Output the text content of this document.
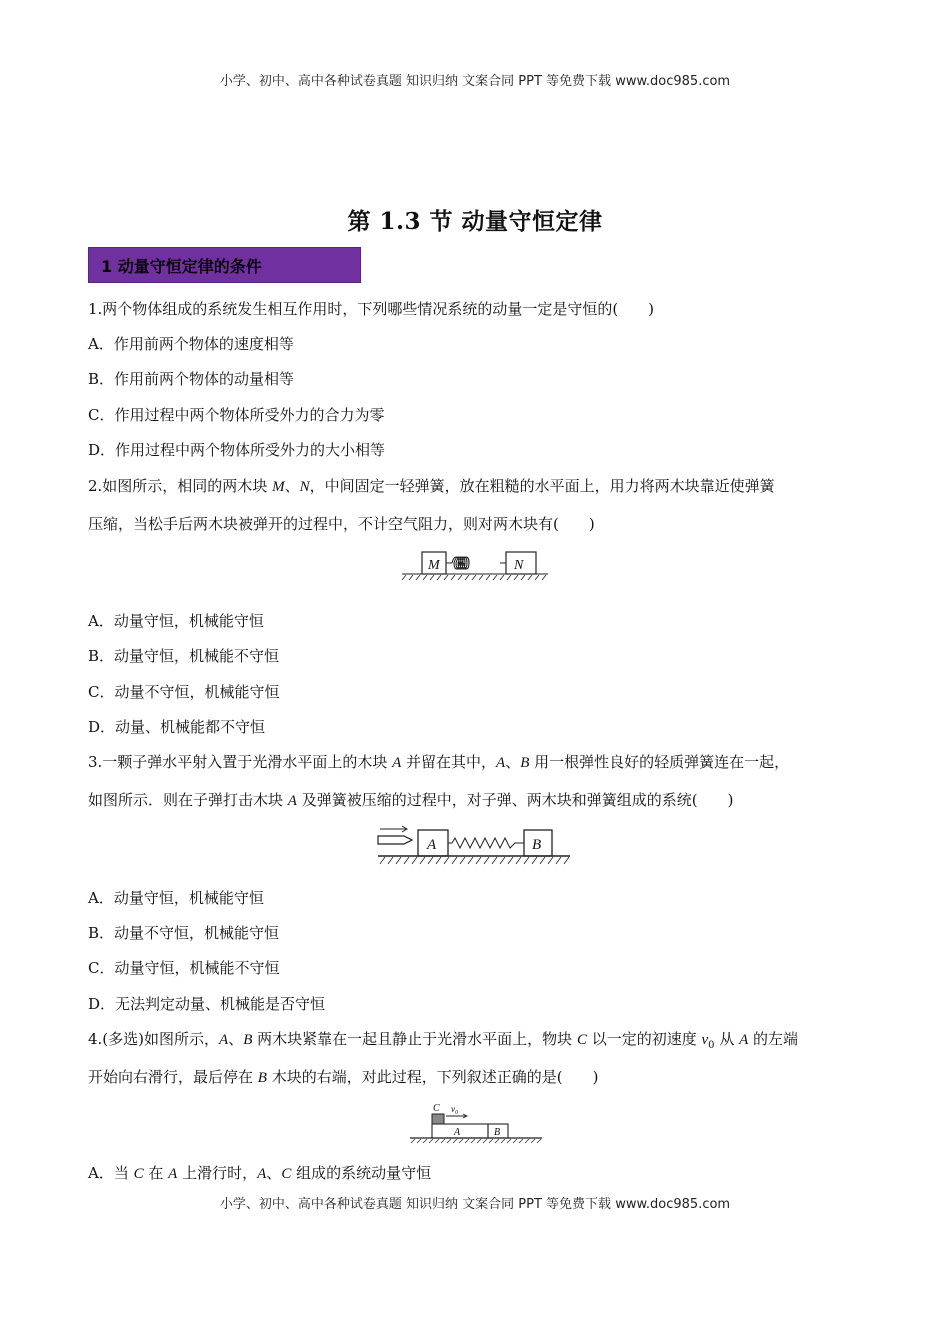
小学、初中、高中各种试卷真题 知识归纳 文案合同 PPT 等免费下载 www.doc985.com
第 1.3 节 动量守恒定律
1 动量守恒定律的条件
1.两个物体组成的系统发生相互作用时，下列哪些情况系统的动量一定是守恒的(　　)
A．作用前两个物体的速度相等
B．作用前两个物体的动量相等
C．作用过程中两个物体所受外力的合力为零
D．作用过程中两个物体所受外力的大小相等
2.如图所示，相同的两木块 M、N，中间固定一轻弹簧，放在粗糙的水平面上，用力将两木块靠近使弹簧
压缩，当松手后两木块被弹开的过程中，不计空气阻力，则对两木块有(　　)
M	N
A．动量守恒，机械能守恒
B．动量守恒，机械能不守恒
C．动量不守恒，机械能守恒
D．动量、机械能都不守恒
3.一颗子弹水平射入置于光滑水平面上的木块 A 并留在其中，A、B 用一根弹性良好的轻质弹簧连在一起，
如图所示．则在子弹打击木块 A 及弹簧被压缩的过程中，对子弹、两木块和弹簧组成的系统(　　)
A	B
A．动量守恒，机械能守恒
B．动量不守恒，机械能守恒
C．动量守恒，机械能不守恒
D．无法判定动量、机械能是否守恒
4.(多选)如图所示，A、B 两木块紧靠在一起且静止于光滑水平面上，物块 C 以一定的初速度 $v_0$ 从 A 的左端
开始向右滑行，最后停在 B 木块的右端，对此过程，下列叙述正确的是(　　)
C v₀
A	B
A．当 C 在 A 上滑行时，A、C 组成的系统动量守恒
小学、初中、高中各种试卷真题 知识归纳 文案合同 PPT 等免费下载 www.doc985.com
